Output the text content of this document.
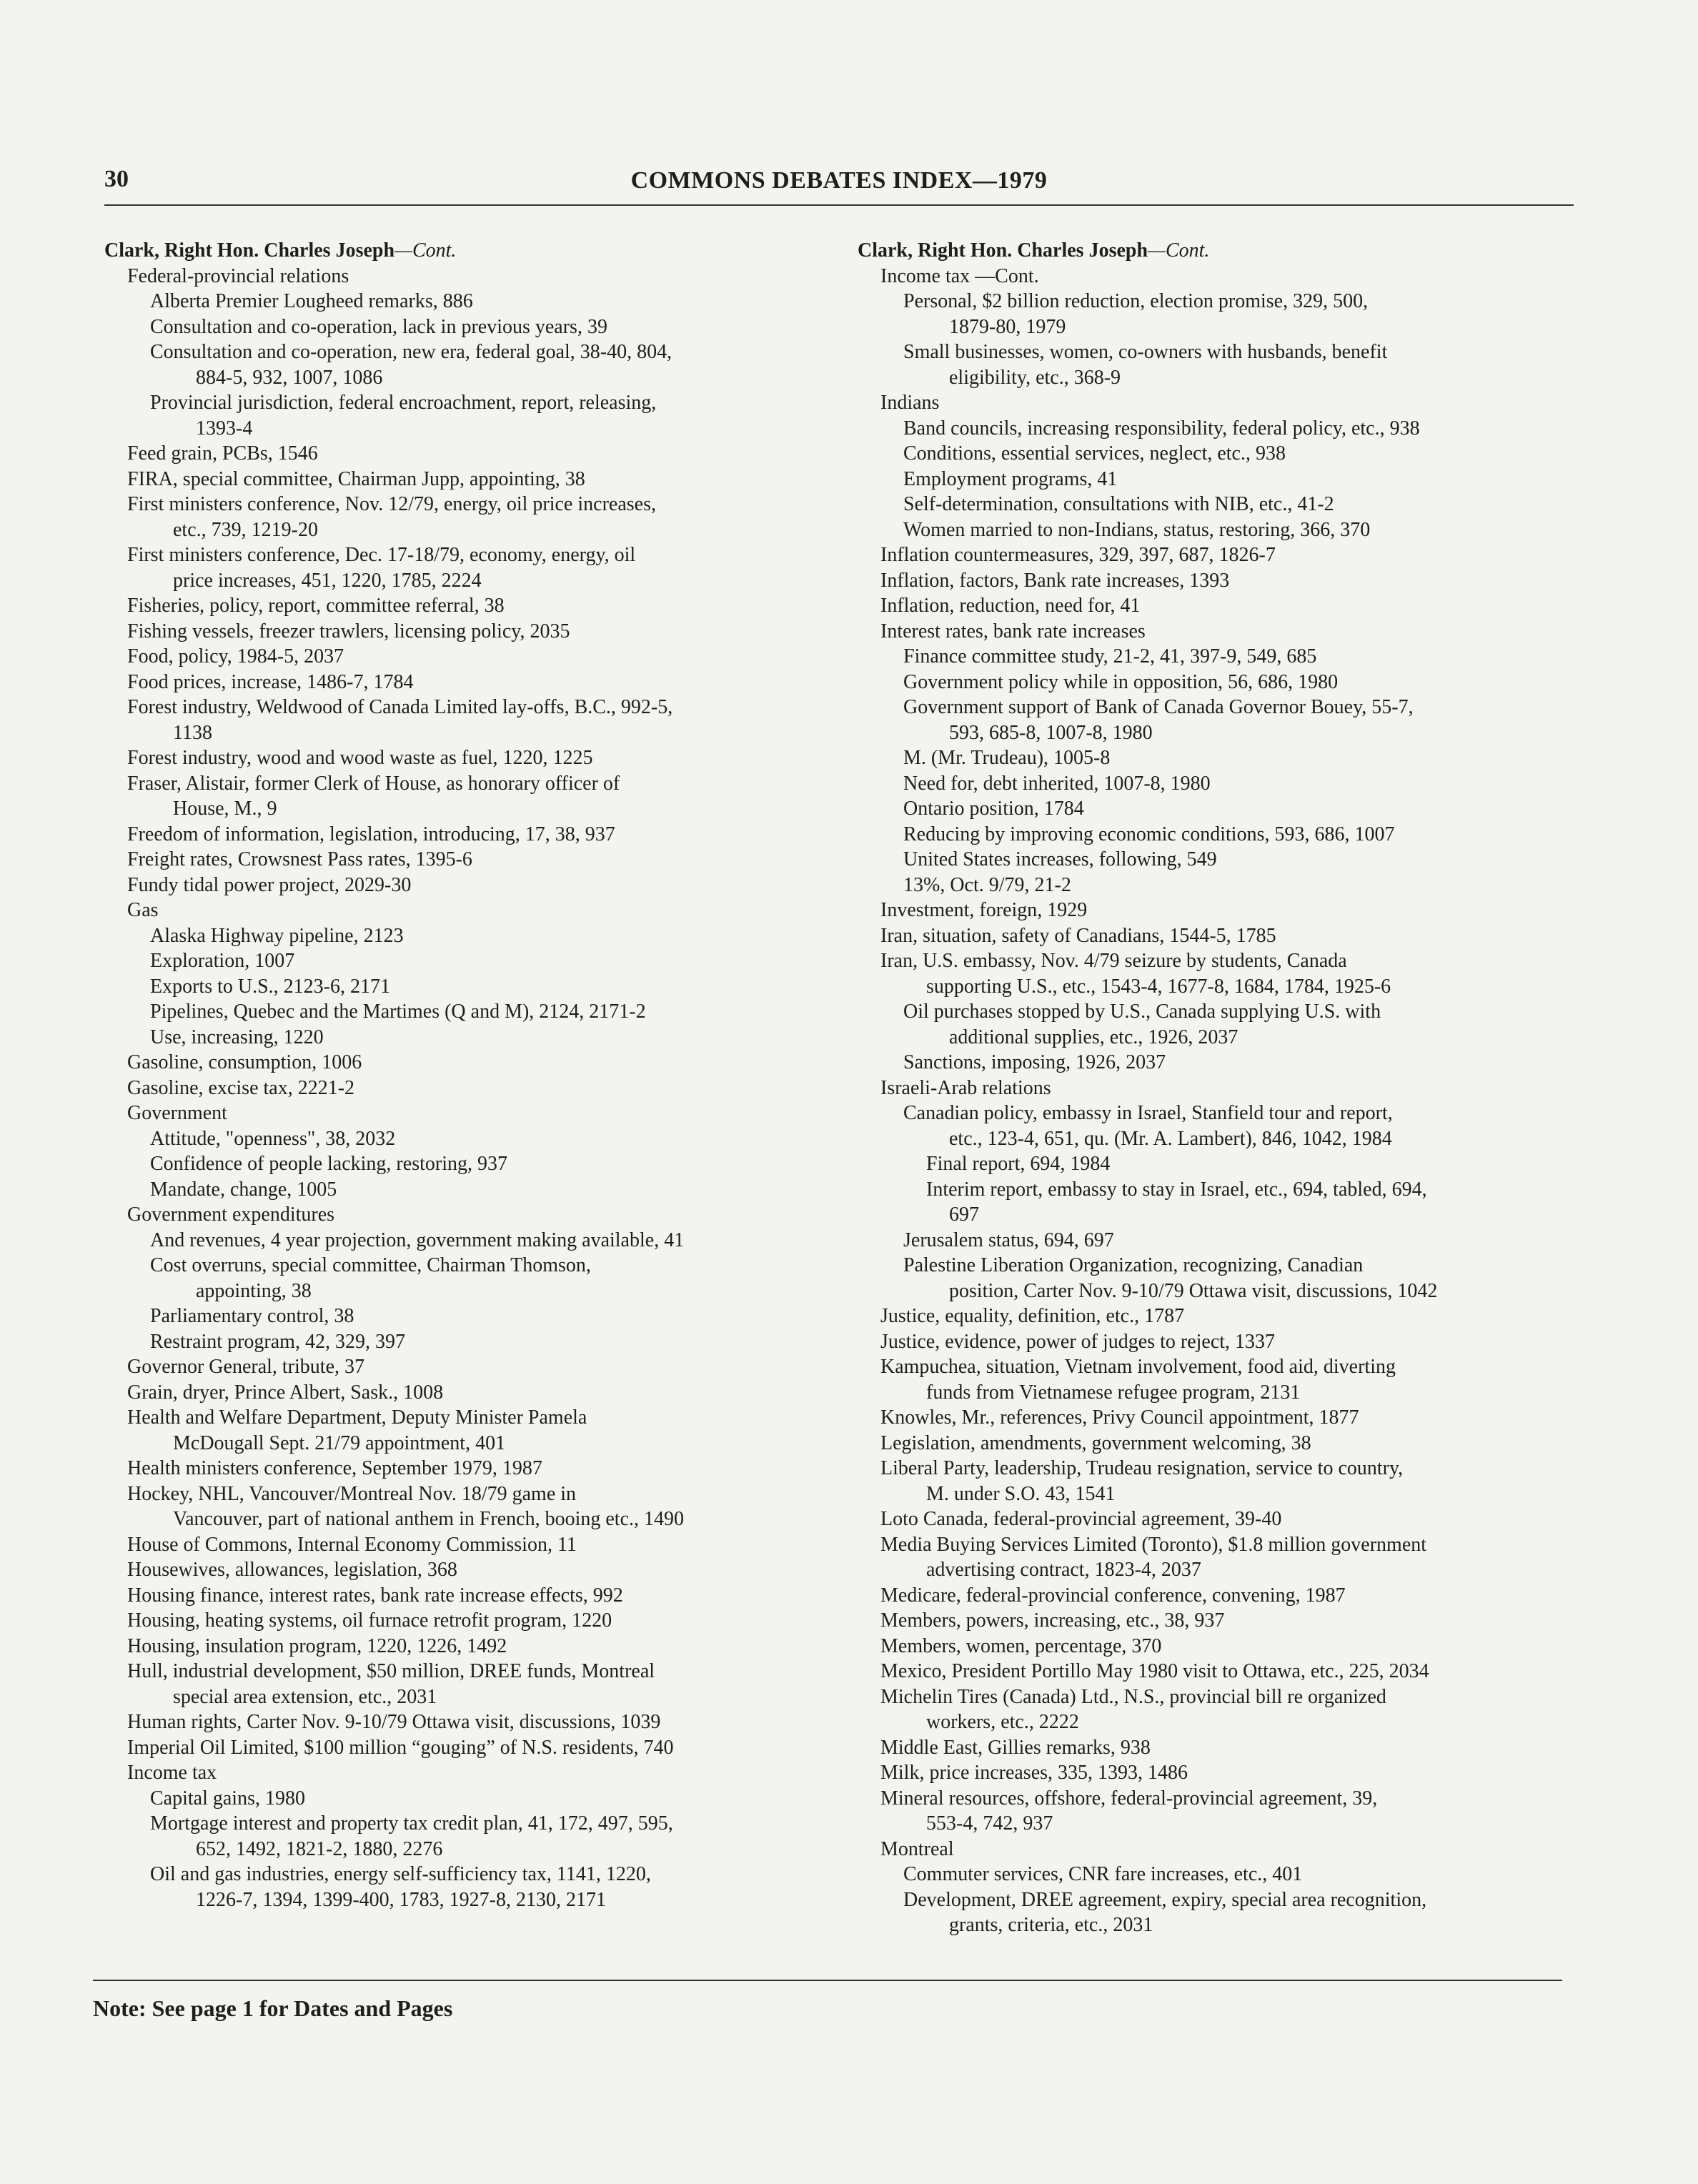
30	COMMONS DEBATES INDEX—1979
Clark, Right Hon. Charles Joseph—Cont.
Federal-provincial relations
Alberta Premier Lougheed remarks, 886
Consultation and co-operation, lack in previous years, 39
Consultation and co-operation, new era, federal goal, 38-40, 804,
884-5, 932, 1007, 1086
Provincial jurisdiction, federal encroachment, report, releasing,
1393-4
Feed grain, PCBs, 1546
FIRA, special committee, Chairman Jupp, appointing, 38
First ministers conference, Nov. 12/79, energy, oil price increases,
etc., 739, 1219-20
First ministers conference, Dec. 17-18/79, economy, energy, oil
price increases, 451, 1220, 1785, 2224
Fisheries, policy, report, committee referral, 38
Fishing vessels, freezer trawlers, licensing policy, 2035
Food, policy, 1984-5, 2037
Food prices, increase, 1486-7, 1784
Forest industry, Weldwood of Canada Limited lay-offs, B.C., 992-5,
1138
Forest industry, wood and wood waste as fuel, 1220, 1225
Fraser, Alistair, former Clerk of House, as honorary officer of
House, M., 9
Freedom of information, legislation, introducing, 17, 38, 937
Freight rates, Crowsnest Pass rates, 1395-6
Fundy tidal power project, 2029-30
Gas
Alaska Highway pipeline, 2123
Exploration, 1007
Exports to U.S., 2123-6, 2171
Pipelines, Quebec and the Martimes (Q and M), 2124, 2171-2
Use, increasing, 1220
Gasoline, consumption, 1006
Gasoline, excise tax, 2221-2
Government
Attitude, "openness", 38, 2032
Confidence of people lacking, restoring, 937
Mandate, change, 1005
Government expenditures
And revenues, 4 year projection, government making available, 41
Cost overruns, special committee, Chairman Thomson,
appointing, 38
Parliamentary control, 38
Restraint program, 42, 329, 397
Governor General, tribute, 37
Grain, dryer, Prince Albert, Sask., 1008
Health and Welfare Department, Deputy Minister Pamela
McDougall Sept. 21/79 appointment, 401
Health ministers conference, September 1979, 1987
Hockey, NHL, Vancouver/Montreal Nov. 18/79 game in
Vancouver, part of national anthem in French, booing etc., 1490
House of Commons, Internal Economy Commission, 11
Housewives, allowances, legislation, 368
Housing finance, interest rates, bank rate increase effects, 992
Housing, heating systems, oil furnace retrofit program, 1220
Housing, insulation program, 1220, 1226, 1492
Hull, industrial development, $50 million, DREE funds, Montreal
special area extension, etc., 2031
Human rights, Carter Nov. 9-10/79 Ottawa visit, discussions, 1039
Imperial Oil Limited, $100 million “gouging” of N.S. residents, 740
Income tax
Capital gains, 1980
Mortgage interest and property tax credit plan, 41, 172, 497, 595,
652, 1492, 1821-2, 1880, 2276
Oil and gas industries, energy self-sufficiency tax, 1141, 1220,
1226-7, 1394, 1399-400, 1783, 1927-8, 2130, 2171
Clark, Right Hon. Charles Joseph—Cont.
Income tax —Cont.
Personal, $2 billion reduction, election promise, 329, 500,
1879-80, 1979
Small businesses, women, co-owners with husbands, benefit
eligibility, etc., 368-9
Indians
Band councils, increasing responsibility, federal policy, etc., 938
Conditions, essential services, neglect, etc., 938
Employment programs, 41
Self-determination, consultations with NIB, etc., 41-2
Women married to non-Indians, status, restoring, 366, 370
Inflation countermeasures, 329, 397, 687, 1826-7
Inflation, factors, Bank rate increases, 1393
Inflation, reduction, need for, 41
Interest rates, bank rate increases
Finance committee study, 21-2, 41, 397-9, 549, 685
Government policy while in opposition, 56, 686, 1980
Government support of Bank of Canada Governor Bouey, 55-7,
593, 685-8, 1007-8, 1980
M. (Mr. Trudeau), 1005-8
Need for, debt inherited, 1007-8, 1980
Ontario position, 1784
Reducing by improving economic conditions, 593, 686, 1007
United States increases, following, 549
13%, Oct. 9/79, 21-2
Investment, foreign, 1929
Iran, situation, safety of Canadians, 1544-5, 1785
Iran, U.S. embassy, Nov. 4/79 seizure by students, Canada
supporting U.S., etc., 1543-4, 1677-8, 1684, 1784, 1925-6
Oil purchases stopped by U.S., Canada supplying U.S. with
additional supplies, etc., 1926, 2037
Sanctions, imposing, 1926, 2037
Israeli-Arab relations
Canadian policy, embassy in Israel, Stanfield tour and report,
etc., 123-4, 651, qu. (Mr. A. Lambert), 846, 1042, 1984
Final report, 694, 1984
Interim report, embassy to stay in Israel, etc., 694, tabled, 694,
697
Jerusalem status, 694, 697
Palestine Liberation Organization, recognizing, Canadian
position, Carter Nov. 9-10/79 Ottawa visit, discussions, 1042
Justice, equality, definition, etc., 1787
Justice, evidence, power of judges to reject, 1337
Kampuchea, situation, Vietnam involvement, food aid, diverting
funds from Vietnamese refugee program, 2131
Knowles, Mr., references, Privy Council appointment, 1877
Legislation, amendments, government welcoming, 38
Liberal Party, leadership, Trudeau resignation, service to country,
M. under S.O. 43, 1541
Loto Canada, federal-provincial agreement, 39-40
Media Buying Services Limited (Toronto), $1.8 million government
advertising contract, 1823-4, 2037
Medicare, federal-provincial conference, convening, 1987
Members, powers, increasing, etc., 38, 937
Members, women, percentage, 370
Mexico, President Portillo May 1980 visit to Ottawa, etc., 225, 2034
Michelin Tires (Canada) Ltd., N.S., provincial bill re organized
workers, etc., 2222
Middle East, Gillies remarks, 938
Milk, price increases, 335, 1393, 1486
Mineral resources, offshore, federal-provincial agreement, 39,
553-4, 742, 937
Montreal
Commuter services, CNR fare increases, etc., 401
Development, DREE agreement, expiry, special area recognition,
grants, criteria, etc., 2031
Note: See page 1 for Dates and Pages
